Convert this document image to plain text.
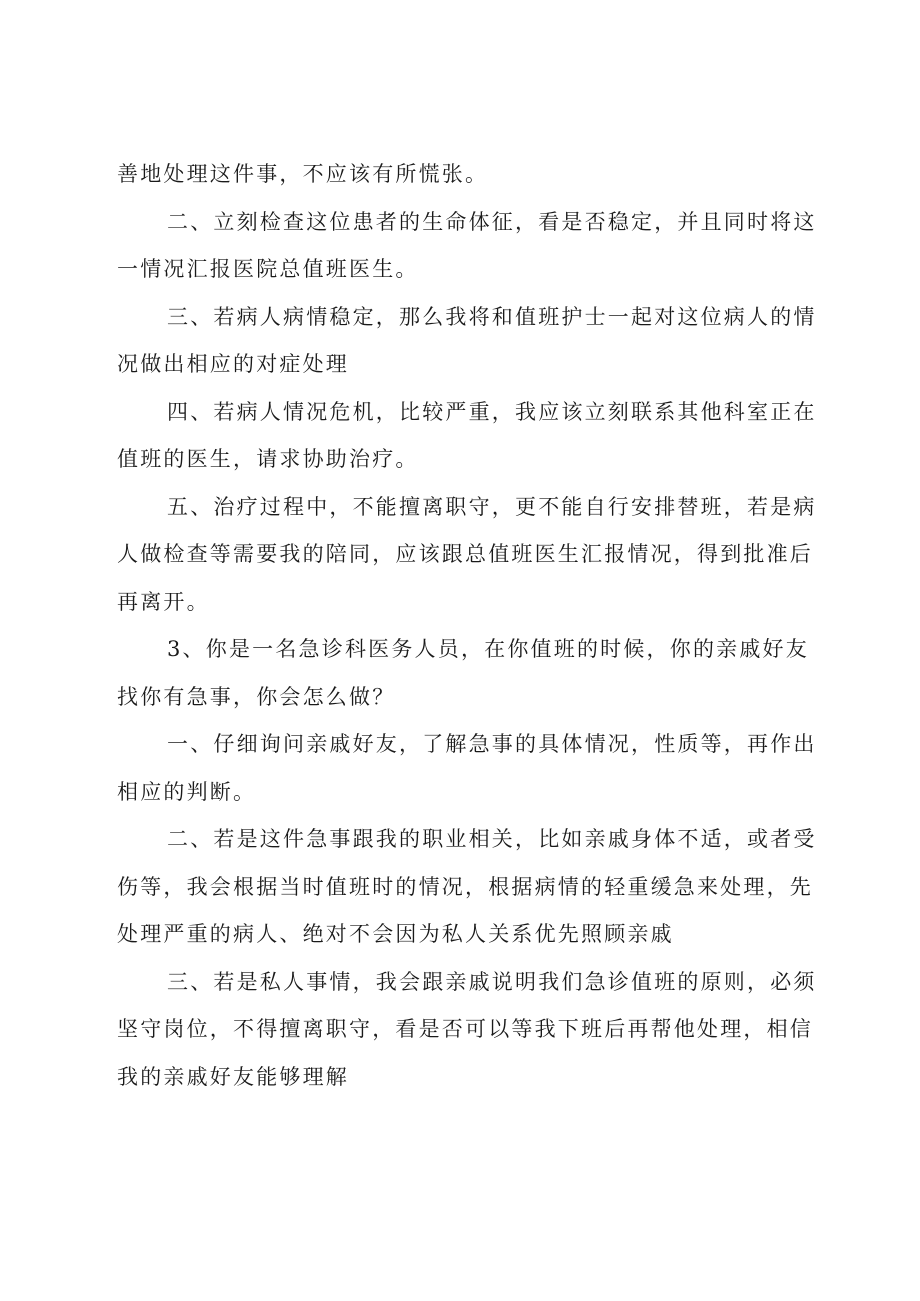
善地处理这件事，不应该有所慌张。
二、立刻检查这位患者的生命体征，看是否稳定，并且同时将这
一情况汇报医院总值班医生。
三、若病人病情稳定，那么我将和值班护士一起对这位病人的情
况做出相应的对症处理
四、若病人情况危机，比较严重，我应该立刻联系其他科室正在
值班的医生，请求协助治疗。
五、治疗过程中，不能擅离职守，更不能自行安排替班，若是病
人做检查等需要我的陪同，应该跟总值班医生汇报情况，得到批准后
再离开。
3、你是一名急诊科医务人员，在你值班的时候，你的亲戚好友
找你有急事，你会怎么做？
一、仔细询问亲戚好友，了解急事的具体情况，性质等，再作出
相应的判断。
二、若是这件急事跟我的职业相关，比如亲戚身体不适，或者受
伤等，我会根据当时值班时的情况，根据病情的轻重缓急来处理，先
处理严重的病人、绝对不会因为私人关系优先照顾亲戚
三、若是私人事情，我会跟亲戚说明我们急诊值班的原则，必须
坚守岗位，不得擅离职守，看是否可以等我下班后再帮他处理，相信
我的亲戚好友能够理解
